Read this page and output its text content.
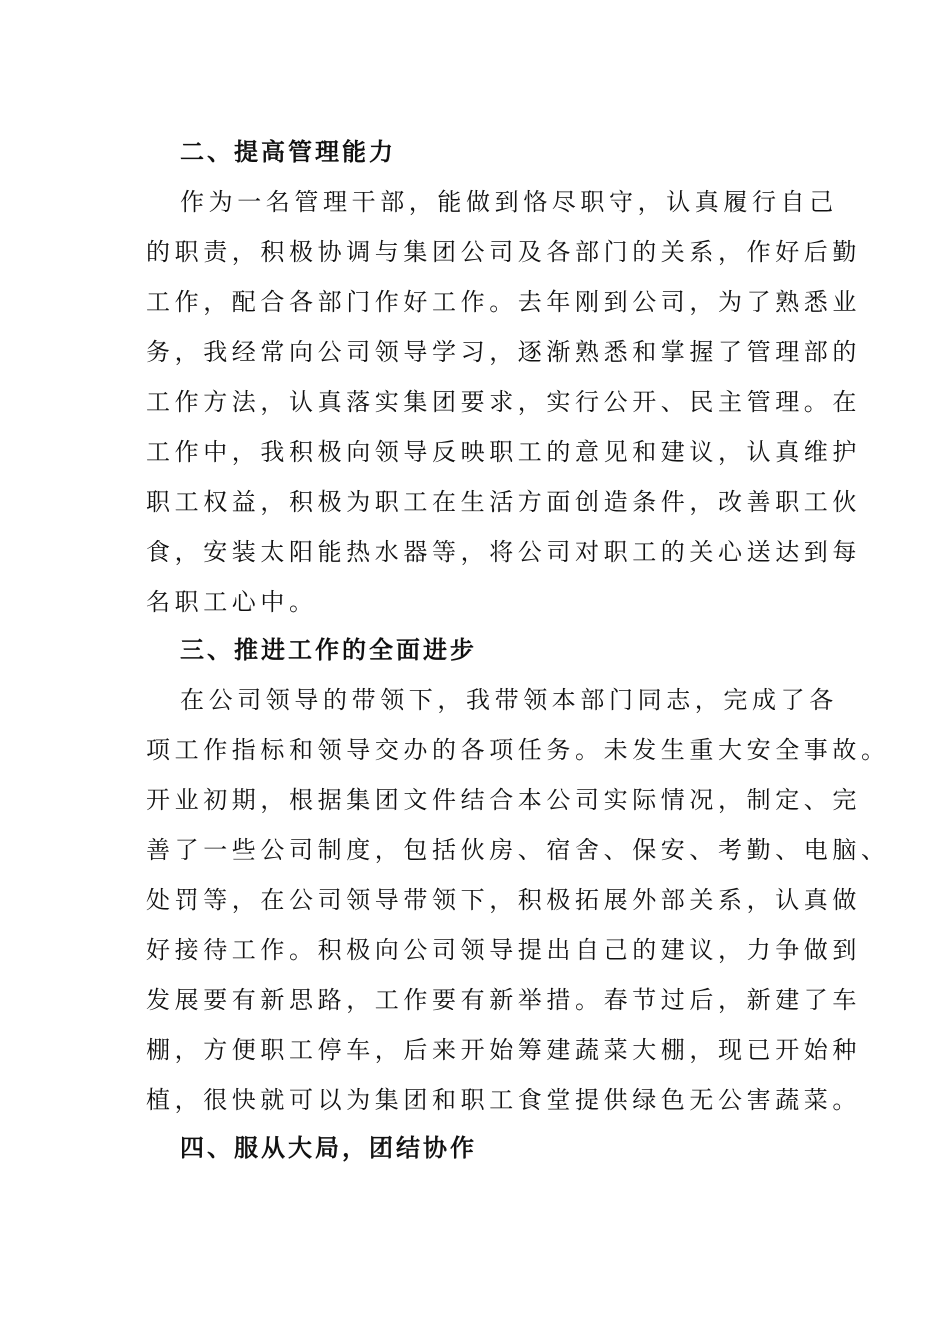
二、提高管理能力

作为一名管理干部，能做到恪尽职守，认真履行自己

的职责，积极协调与集团公司及各部门的关系，作好后勤

工作，配合各部门作好工作。去年刚到公司，为了熟悉业

务，我经常向公司领导学习，逐渐熟悉和掌握了管理部的

工作方法，认真落实集团要求，实行公开、民主管理。在

工作中，我积极向领导反映职工的意见和建议，认真维护

职工权益，积极为职工在生活方面创造条件，改善职工伙

食，安装太阳能热水器等，将公司对职工的关心送达到每

名职工心中。

三、推进工作的全面进步

在公司领导的带领下，我带领本部门同志，完成了各

项工作指标和领导交办的各项任务。未发生重大安全事故。

开业初期，根据集团文件结合本公司实际情况，制定、完

善了一些公司制度，包括伙房、宿舍、保安、考勤、电脑、

处罚等，在公司领导带领下，积极拓展外部关系，认真做

好接待工作。积极向公司领导提出自己的建议，力争做到

发展要有新思路，工作要有新举措。春节过后，新建了车

棚，方便职工停车，后来开始筹建蔬菜大棚，现已开始种

植，很快就可以为集团和职工食堂提供绿色无公害蔬菜。

四、服从大局，团结协作
